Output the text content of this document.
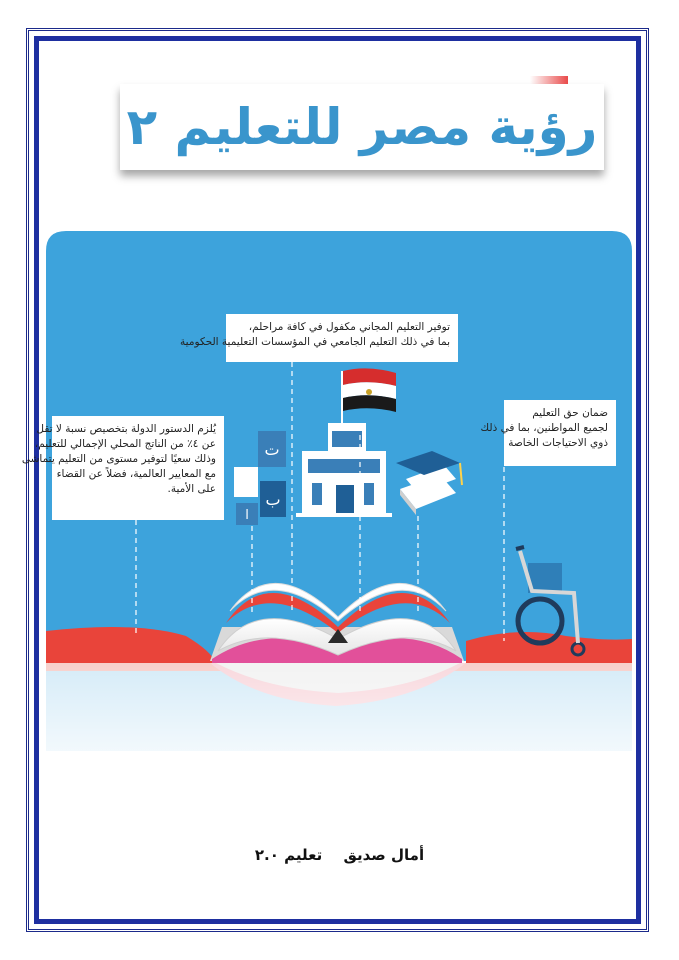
رؤية مصر للتعليم ٢
ت
ا
ب
توفير التعليم المجاني مكفول في كافة مراحلم،
بما في ذلك التعليم الجامعي في المؤسسات التعليمية الحكومية
يُلزم الدستور الدولة بتخصيص نسبة لا تقل
عن ٤٪ من الناتج المحلي الإجمالي للتعليم،
وذلك سعيًا لتوفير مستوى من التعليم يتماشى
مع المعايير العالمية، فضلاً عن القضاء
على الأمية.
ضمان حق التعليم
لجميع المواطنين، بما في ذلك
ذوي الاحتياجات الخاصة
أمال صديق تعليم ٢.٠
